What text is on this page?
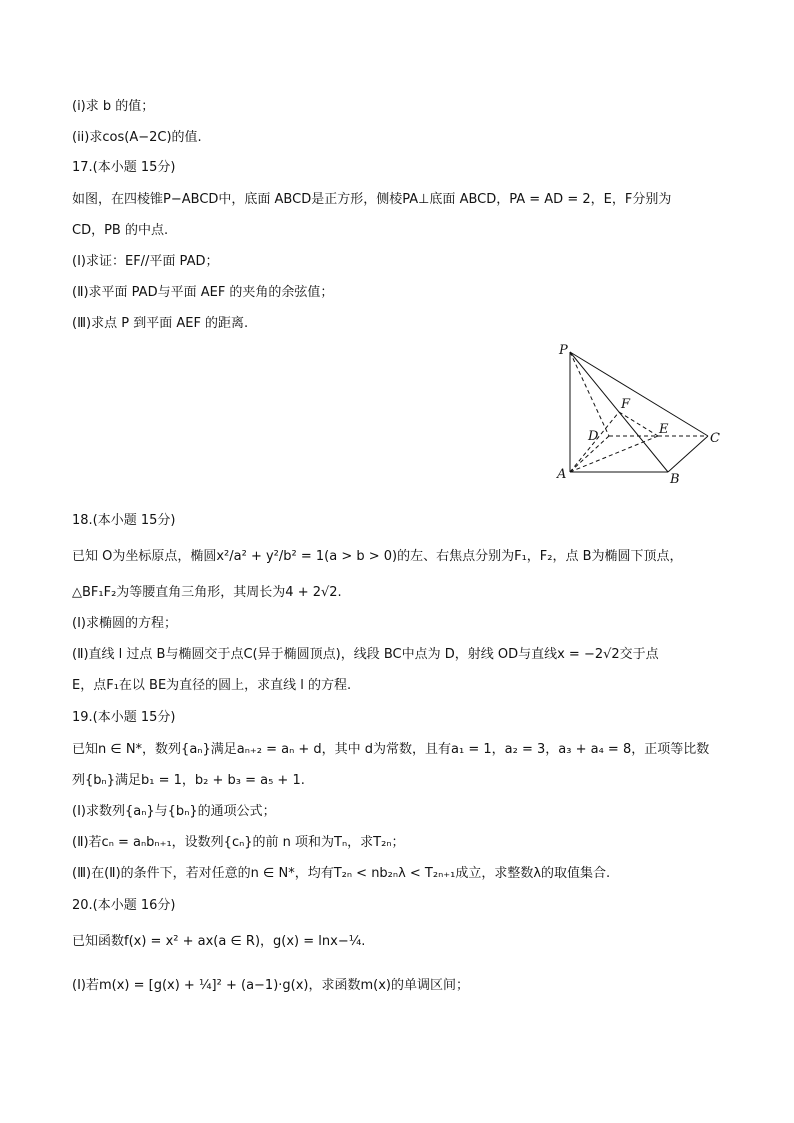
(i)求 b 的值；
(ii)求cos(A−2C)的值.
17.(本小题 15分)
如图，在四棱锥P−ABCD中，底面 ABCD是正方形，侧棱PA⊥底面 ABCD，PA = AD = 2，E，F分别为
CD，PB 的中点.
(Ⅰ)求证：EF//平面 PAD；
(Ⅱ)求平面 PAD与平面 AEF 的夹角的余弦值；
(Ⅲ)求点 P 到平面 AEF 的距离.
18.(本小题 15分)
已知 O为坐标原点，椭圆x²/a² + y²/b² = 1(a > b > 0)的左、右焦点分别为F₁，F₂，点 B为椭圆下顶点，
△BF₁F₂为等腰直角三角形，其周长为4 + 2√2.
(Ⅰ)求椭圆的方程；
(Ⅱ)直线 l 过点 B与椭圆交于点C(异于椭圆顶点)，线段 BC中点为 D，射线 OD与直线x = −2√2交于点
E，点F₁在以 BE为直径的圆上，求直线 l 的方程.
19.(本小题 15分)
已知n ∈ N*，数列{aₙ}满足aₙ₊₂ = aₙ + d，其中 d为常数，且有a₁ = 1，a₂ = 3，a₃ + a₄ = 8，正项等比数
列{bₙ}满足b₁ = 1，b₂ + b₃ = a₅ + 1.
(Ⅰ)求数列{aₙ}与{bₙ}的通项公式；
(Ⅱ)若cₙ = aₙbₙ₊₁，设数列{cₙ}的前 n 项和为Tₙ，求T₂ₙ；
(Ⅲ)在(Ⅱ)的条件下，若对任意的n ∈ N*，均有T₂ₙ < nb₂ₙλ < T₂ₙ₊₁成立，求整数λ的取值集合.
20.(本小题 16分)
已知函数f(x) = x² + ax(a ∈ R)，g(x) = lnx−¼.
(Ⅰ)若m(x) = [g(x) + ¼]² + (a−1)·g(x)，求函数m(x)的单调区间；
P
A	B
C
D	E
F
